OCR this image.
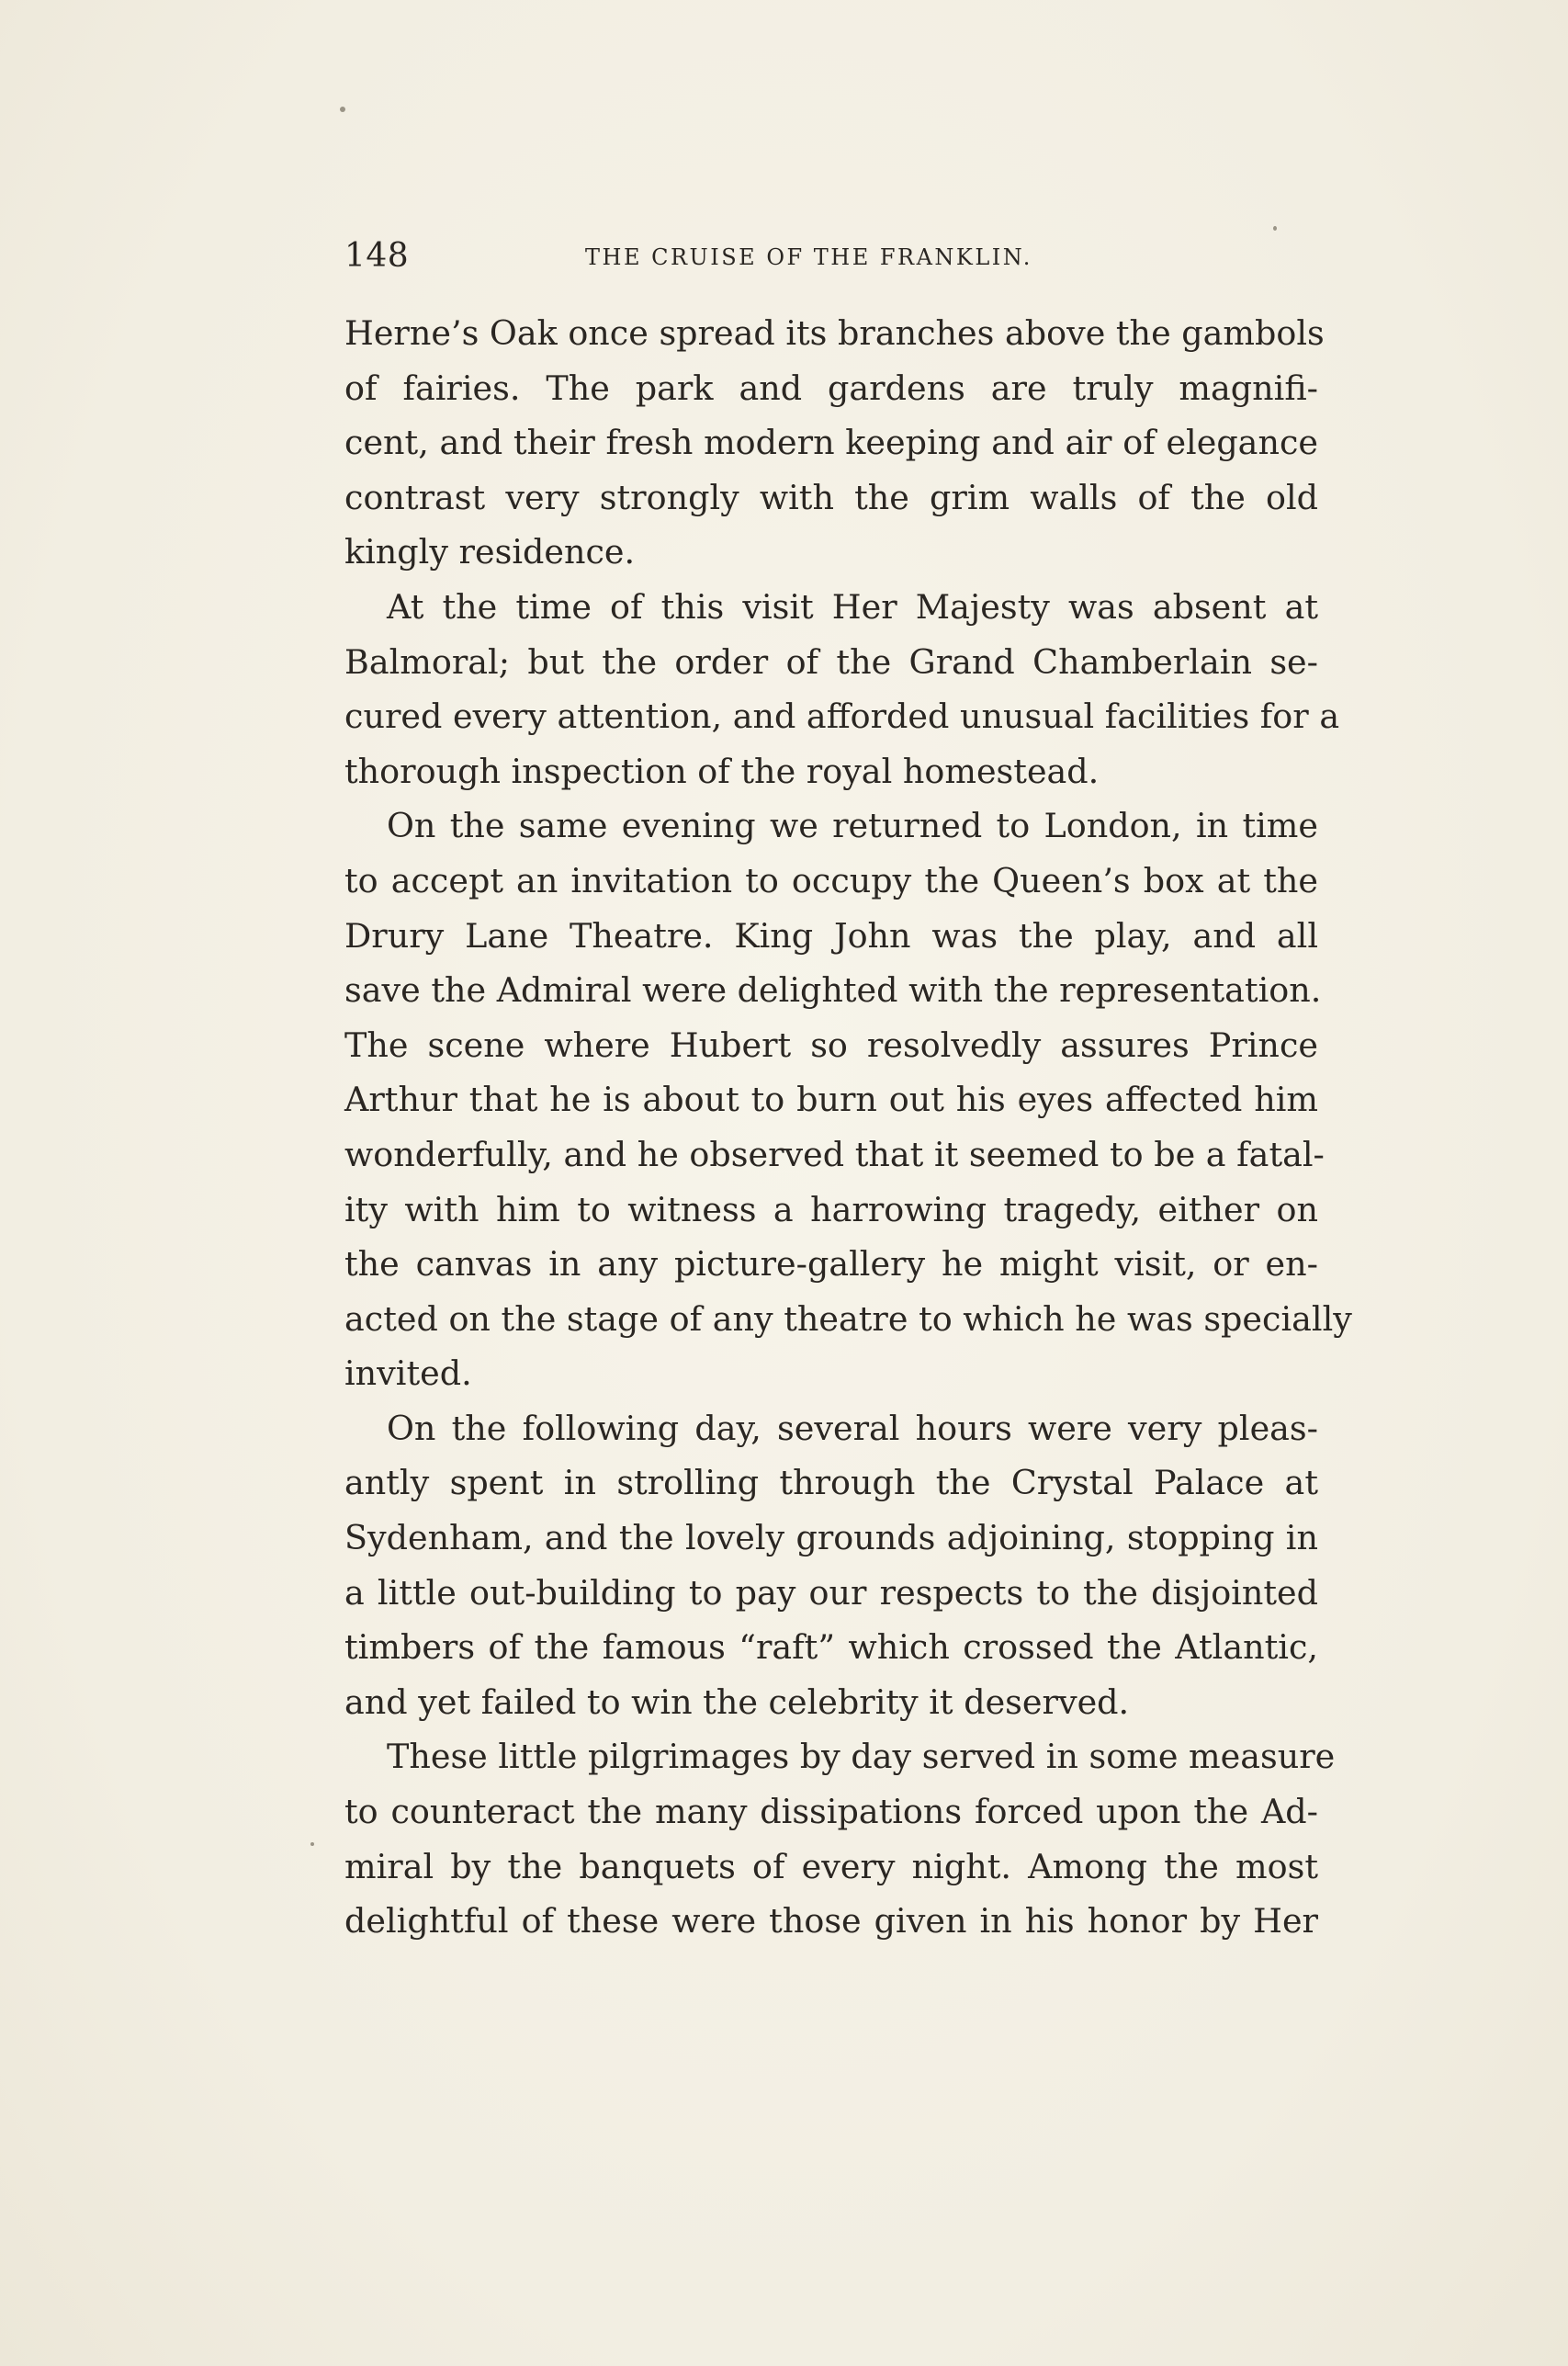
148	THE CRUISE OF THE FRANKLIN.
Herne’s Oak once spread its branches above the gambols
of fairies. The park and gardens are truly magnifi-
cent, and their fresh modern keeping and air of elegance
contrast very strongly with the grim walls of the old
kingly residence.
At the time of this visit Her Majesty was absent at
Balmoral; but the order of the Grand Chamberlain se-
cured every attention, and afforded unusual facilities for a
thorough inspection of the royal homestead.
On the same evening we returned to London, in time
to accept an invitation to occupy the Queen’s box at the
Drury Lane Theatre. King John was the play, and all
save the Admiral were delighted with the representation.
The scene where Hubert so resolvedly assures Prince
Arthur that he is about to burn out his eyes affected him
wonderfully, and he observed that it seemed to be a fatal-
ity with him to witness a harrowing tragedy, either on
the canvas in any picture-gallery he might visit, or en-
acted on the stage of any theatre to which he was specially
invited.
On the following day, several hours were very pleas-
antly spent in strolling through the Crystal Palace at
Sydenham, and the lovely grounds adjoining, stopping in
a little out-building to pay our respects to the disjointed
timbers of the famous “raft” which crossed the Atlantic,
and yet failed to win the celebrity it deserved.
These little pilgrimages by day served in some measure
to counteract the many dissipations forced upon the Ad-
miral by the banquets of every night. Among the most
delightful of these were those given in his honor by Her
